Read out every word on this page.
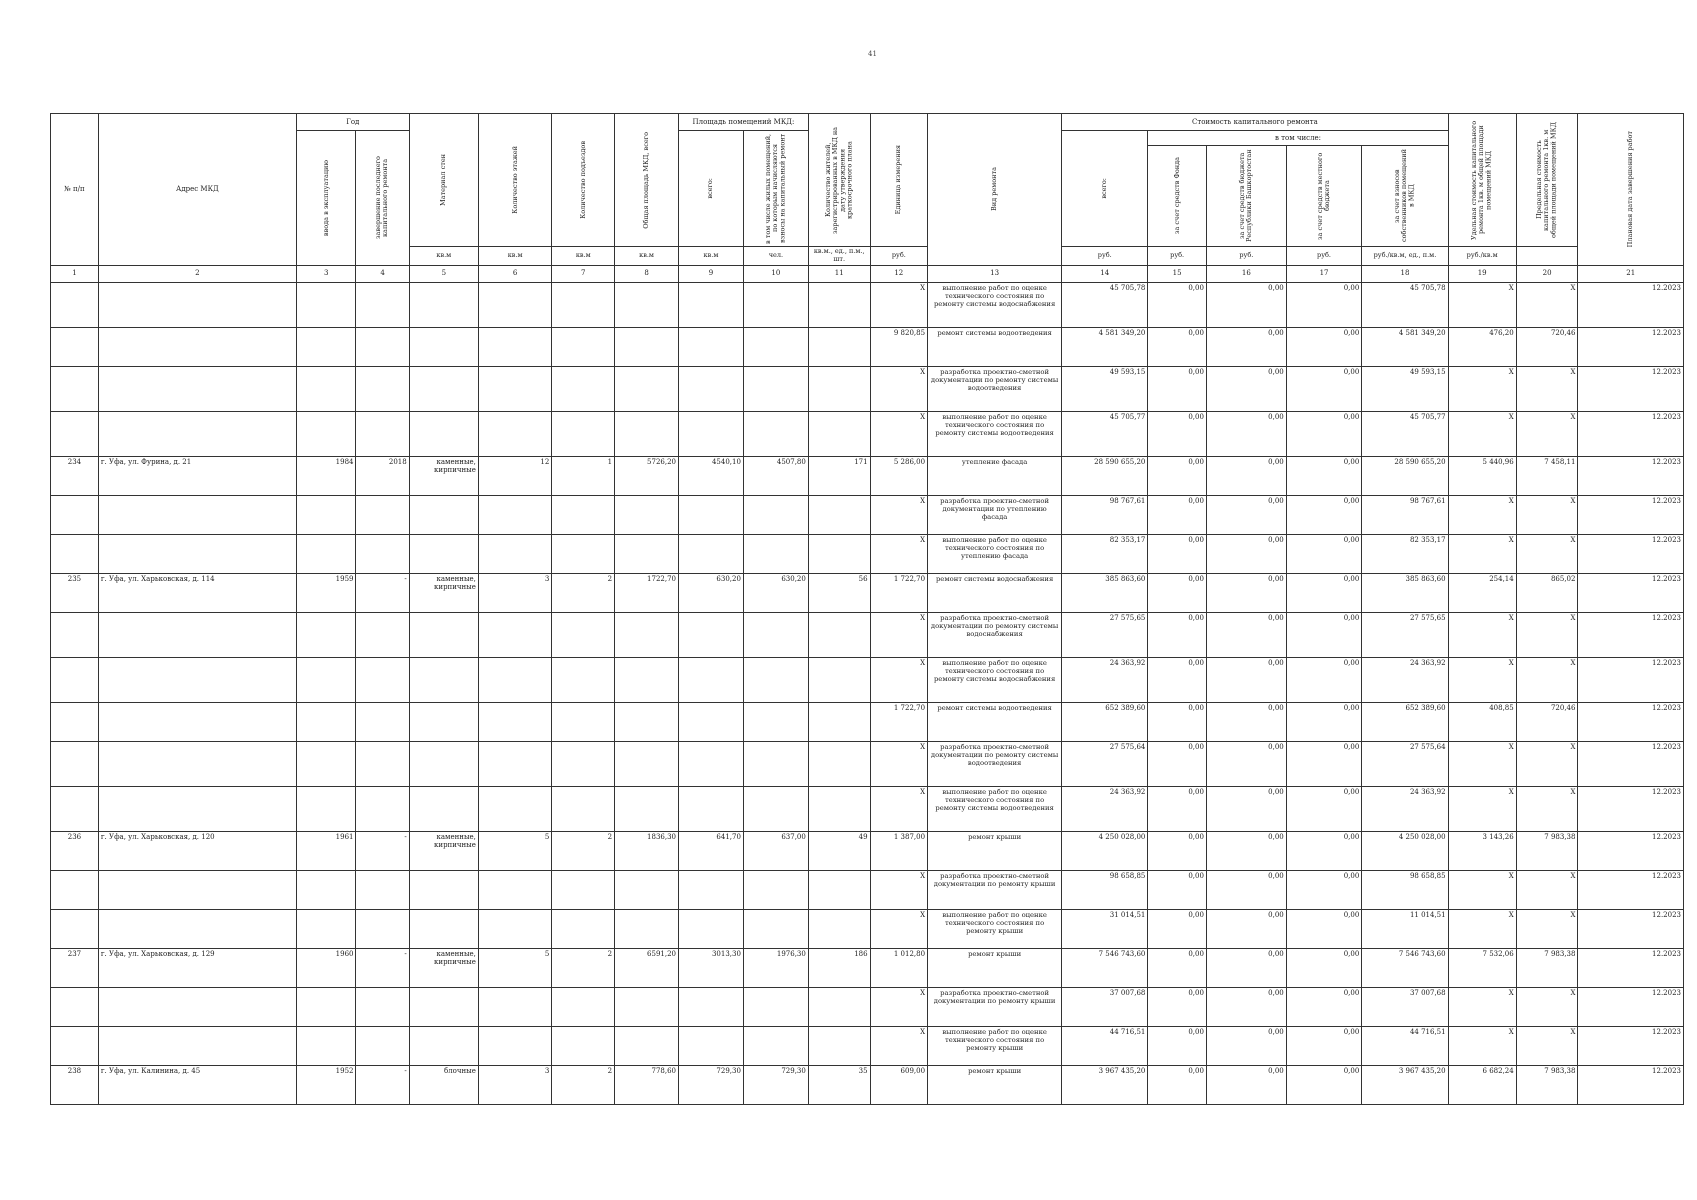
41
№ п/п	Адрес МКД	Год		Материал стен	Количество этажей	Количество подъездов	Общая площадь МКД, всего	Площадь помещений МКД:		Количество жителей, зарегистрированных в МКД на дату утверждения краткосрочного плана	Единица измерения	Вид ремонта	Стоимость капитального ремонта					Удельная стоимость капитального ремонта 1кв. м общей площади помещений МКД	Предельная стоимость капитального ремонта 1кв. м общей площади помещений МКД	Плановая дата завершения работ

		ввода в эксплуатацию	завершение последнего капитального ремонта					всего:	в том числе жилых помещений, по которым начисляются взносы на капитальный ремонт				всего:	в том числе:						

														за счет средств Фонда	за счет средств бюджета Республики Башкортостан	за счет средств местного бюджета	за счет взносов собственников помещений в МКД			

				кв.м	кв.м	кв.м	кв.м	кв.м	чел.	кв.м., ед., п.м., шт.	руб.		руб.	руб.	руб.	руб.	руб./кв.м, ед., п.м.	руб./кв.м		
1	2	3	4	5	6	7	8	9	10	11	12	13	14	15	16	17	18	19	20	21
											X	выполнение работ по оценке технического состояния по ремонту системы водоснабжения	45 705,78	0,00	0,00	0,00	45 705,78	X	X	12.2023
											9 820,85	ремонт системы водоотведения	4 581 349,20	0,00	0,00	0,00	4 581 349,20	476,20	720,46	12.2023
											X	разработка проектно-сметной документации по ремонту системы водоотведения	49 593,15	0,00	0,00	0,00	49 593,15	X	X	12.2023
											X	выполнение работ по оценке технического состояния по ремонту системы водоотведения	45 705,77	0,00	0,00	0,00	45 705,77	X	X	12.2023
234	г. Уфа, ул. Фурина, д. 21	1984	2018	каменные, кирпичные	12	1	5726,20	4540,10	4507,80	171	5 286,00	утепление фасада	28 590 655,20	0,00	0,00	0,00	28 590 655,20	5 440,96	7 458,11	12.2023
											X	разработка проектно-сметной документации по утеплению фасада	98 767,61	0,00	0,00	0,00	98 767,61	X	X	12.2023
											X	выполнение работ по оценке технического состояния по утеплению фасада	82 353,17	0,00	0,00	0,00	82 353,17	X	X	12.2023
235	г. Уфа, ул. Харьковская, д. 114	1959	-	каменные, кирпичные	3	2	1722,70	630,20	630,20	56	1 722,70	ремонт системы водоснабжения	385 863,60	0,00	0,00	0,00	385 863,60	254,14	865,02	12.2023
											X	разработка проектно-сметной документации по ремонту системы водоснабжения	27 575,65	0,00	0,00	0,00	27 575,65	X	X	12.2023
											X	выполнение работ по оценке технического состояния по ремонту системы водоснабжения	24 363,92	0,00	0,00	0,00	24 363,92	X	X	12.2023
											1 722,70	ремонт системы водоотведения	652 389,60	0,00	0,00	0,00	652 389,60	408,85	720,46	12.2023
											X	разработка проектно-сметной документации по ремонту системы водоотведения	27 575,64	0,00	0,00	0,00	27 575,64	X	X	12.2023
											X	выполнение работ по оценке технического состояния по ремонту системы водоотведения	24 363,92	0,00	0,00	0,00	24 363,92	X	X	12.2023
236	г. Уфа, ул. Харьковская, д. 120	1961	-	каменные, кирпичные	5	2	1836,30	641,70	637,00	49	1 387,00	ремонт крыши	4 250 028,00	0,00	0,00	0,00	4 250 028,00	3 143,26	7 983,38	12.2023
											X	разработка проектно-сметной документации по ремонту крыши	98 658,85	0,00	0,00	0,00	98 658,85	X	X	12.2023
											X	выполнение работ по оценке технического состояния по ремонту крыши	31 014,51	0,00	0,00	0,00	11 014,51	X	X	12.2023
237	г. Уфа, ул. Харьковская, д. 129	1960	-	каменные, кирпичные	5	2	6591,20	3013,30	1976,30	186	1 012,80	ремонт крыши	7 546 743,60	0,00	0,00	0,00	7 546 743,60	7 532,06	7 983,38	12.2023
											X	разработка проектно-сметной документации по ремонту крыши	37 007,68	0,00	0,00	0,00	37 007,68	X	X	12.2023
											X	выполнение работ по оценке технического состояния по ремонту крыши	44 716,51	0,00	0,00	0,00	44 716,51	X	X	12.2023
238	г. Уфа, ул. Калинина, д. 45	1952	-	блочные	3	2	778,60	729,30	729,30	35	609,00	ремонт крыши	3 967 435,20	0,00	0,00	0,00	3 967 435,20	6 682,24	7 983,38	12.2023
